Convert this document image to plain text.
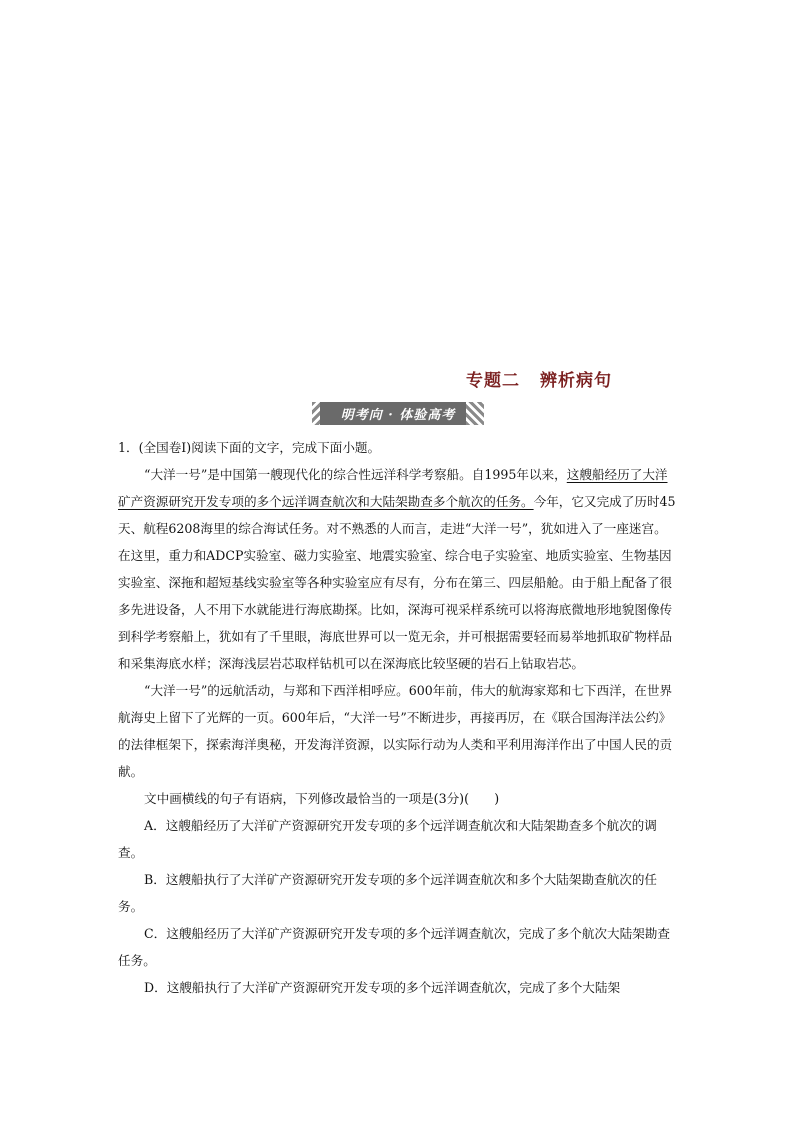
专题二 辨析病句
明考向 · 体验高考

1．(全国卷Ⅰ)阅读下面的文字，完成下面小题。

“大洋一号”是中国第一艘现代化的综合性远洋科学考察船。自1995年以来，这艘船经历了大洋矿产资源研究开发专项的多个远洋调查航次和大陆架勘查多个航次的任务。今年，它又完成了历时45天、航程6208海里的综合海试任务。对不熟悉的人而言，走进“大洋一号”，犹如进入了一座迷宫。在这里，重力和ADCP实验室、磁力实验室、地震实验室、综合电子实验室、地质实验室、生物基因实验室、深拖和超短基线实验室等各种实验室应有尽有，分布在第三、四层船舱。由于船上配备了很多先进设备，人不用下水就能进行海底勘探。比如，深海可视采样系统可以将海底微地形地貌图像传到科学考察船上，犹如有了千里眼，海底世界可以一览无余，并可根据需要轻而易举地抓取矿物样品和采集海底水样；深海浅层岩芯取样钻机可以在深海底比较坚硬的岩石上钻取岩芯。

“大洋一号”的远航活动，与郑和下西洋相呼应。600年前，伟大的航海家郑和七下西洋，在世界航海史上留下了光辉的一页。600年后，“大洋一号”不断进步，再接再厉，在《联合国海洋法公约》的法律框架下，探索海洋奥秘，开发海洋资源，以实际行动为人类和平利用海洋作出了中国人民的贡献。

文中画横线的句子有语病，下列修改最恰当的一项是(3分)(　　)

A．这艘船经历了大洋矿产资源研究开发专项的多个远洋调查航次和大陆架勘查多个航次的调查。

B．这艘船执行了大洋矿产资源研究开发专项的多个远洋调查航次和多个大陆架勘查航次的任务。

C．这艘船经历了大洋矿产资源研究开发专项的多个远洋调查航次，完成了多个航次大陆架勘查任务。

D．这艘船执行了大洋矿产资源研究开发专项的多个远洋调查航次，完成了多个大陆架
